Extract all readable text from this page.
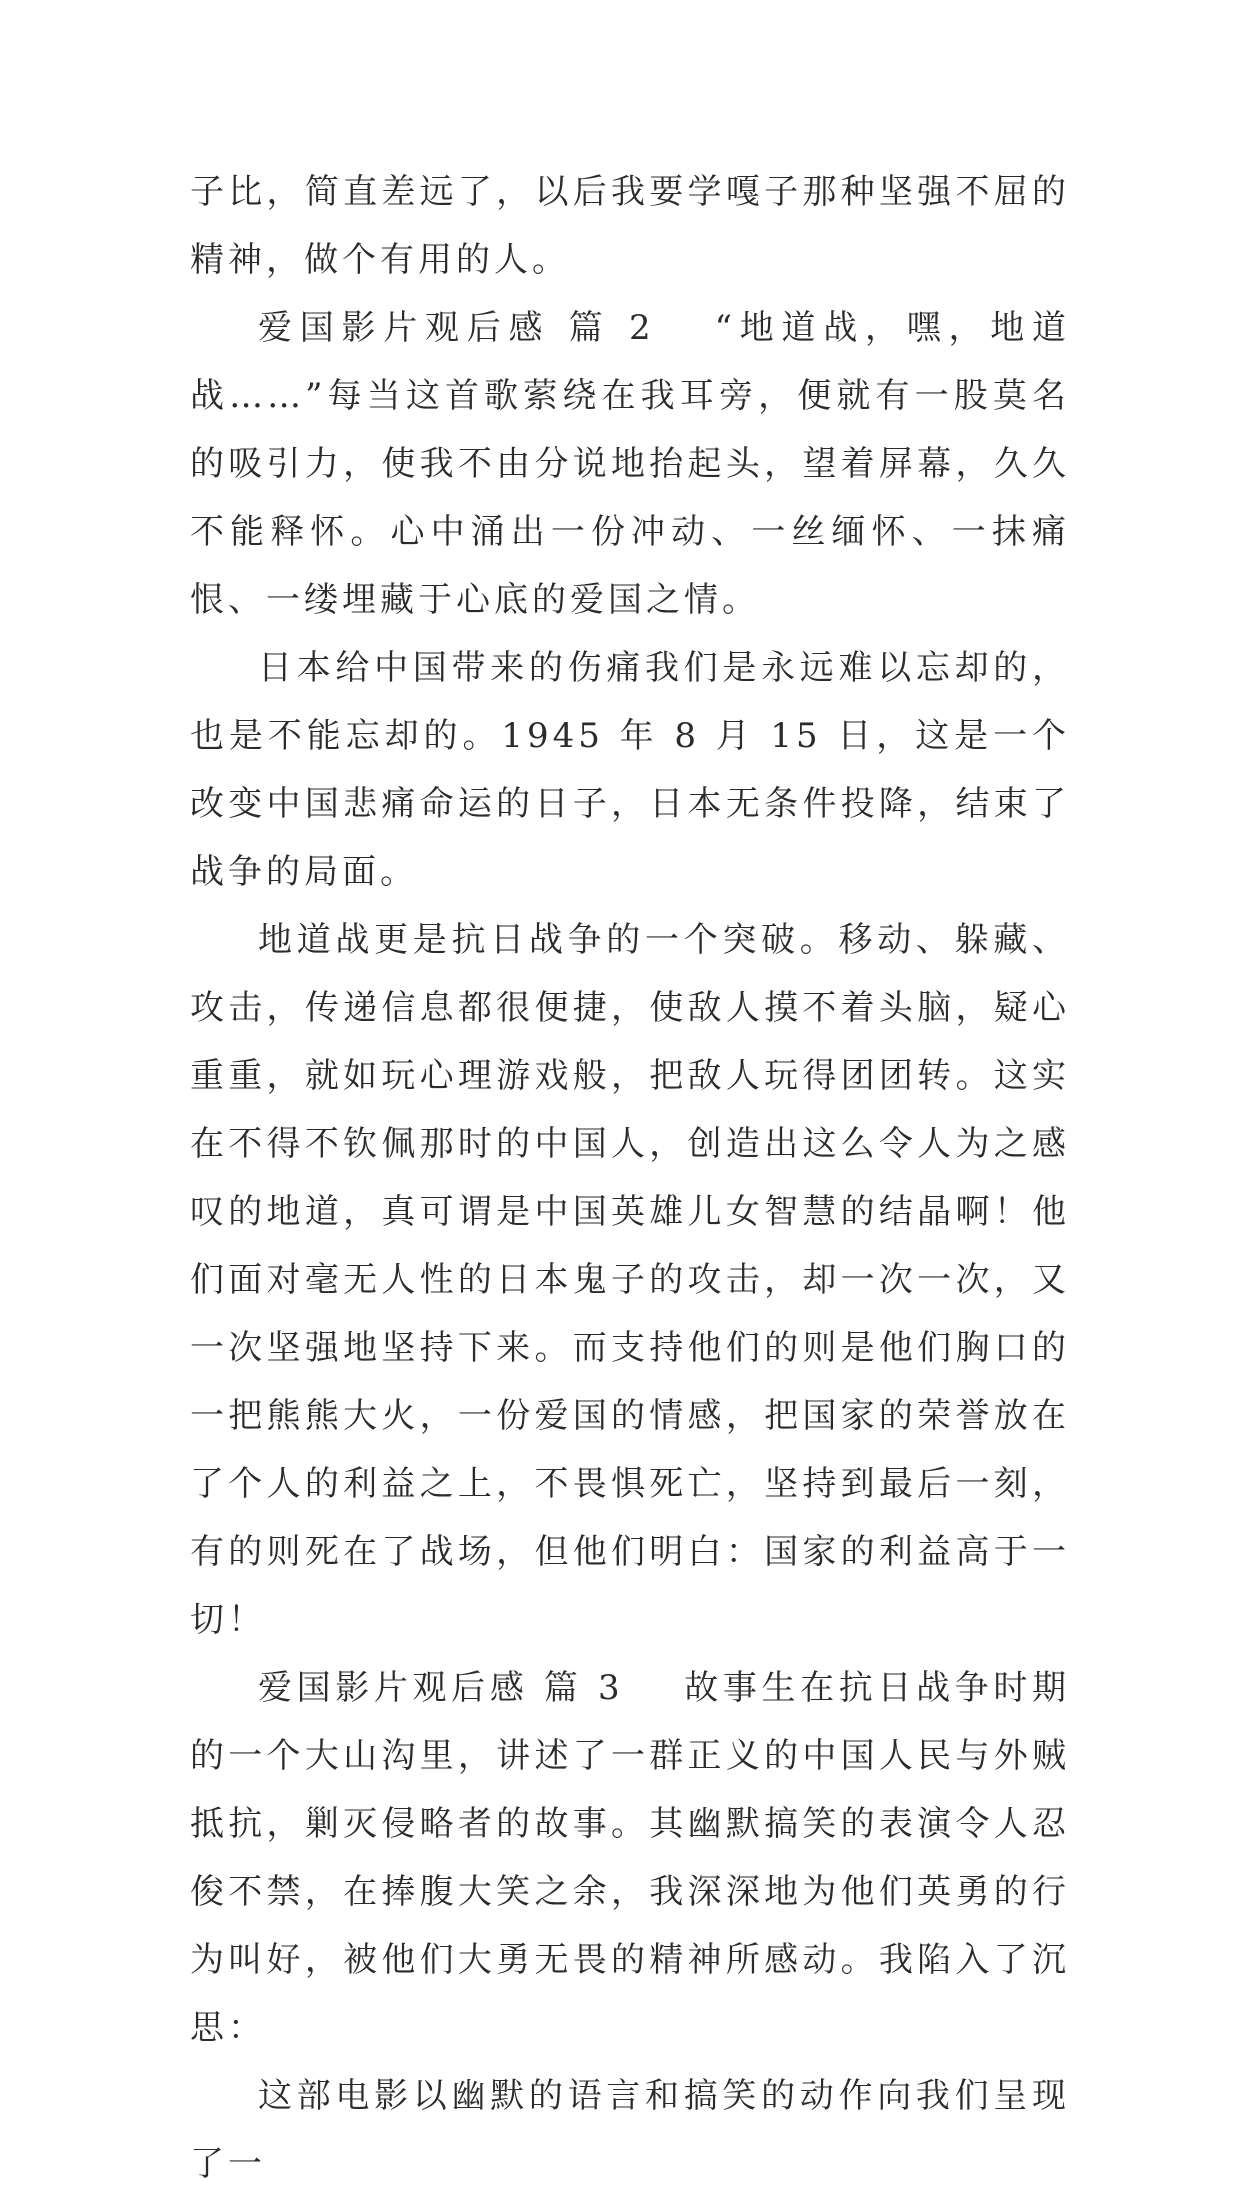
子比，简直差远了，以后我要学嘎子那种坚强不屈的精神，做个有用的人。

爱国影片观后感 篇 2 “地道战，嘿，地道战……”每当这首歌萦绕在我耳旁，便就有一股莫名的吸引力，使我不由分说地抬起头，望着屏幕，久久不能释怀。心中涌出一份冲动、一丝缅怀、一抹痛恨、一缕埋藏于心底的爱国之情。

日本给中国带来的伤痛我们是永远难以忘却的，也是不能忘却的。1945 年 8 月 15 日，这是一个改变中国悲痛命运的日子，日本无条件投降，结束了战争的局面。

地道战更是抗日战争的一个突破。移动、躲藏、攻击，传递信息都很便捷，使敌人摸不着头脑，疑心重重，就如玩心理游戏般，把敌人玩得团团转。这实在不得不钦佩那时的中国人，创造出这么令人为之感叹的地道，真可谓是中国英雄儿女智慧的结晶啊！他们面对毫无人性的日本鬼子的攻击，却一次一次，又一次坚强地坚持下来。而支持他们的则是他们胸口的一把熊熊大火，一份爱国的情感，把国家的荣誉放在了个人的利益之上，不畏惧死亡，坚持到最后一刻，有的则死在了战场，但他们明白：国家的利益高于一切！

爱国影片观后感 篇 3 故事生在抗日战争时期的一个大山沟里，讲述了一群正义的中国人民与外贼抵抗，剿灭侵略者的故事。其幽默搞笑的表演令人忍俊不禁，在捧腹大笑之余，我深深地为他们英勇的行为叫好，被他们大勇无畏的精神所感动。我陷入了沉思：

这部电影以幽默的语言和搞笑的动作向我们呈现了一
